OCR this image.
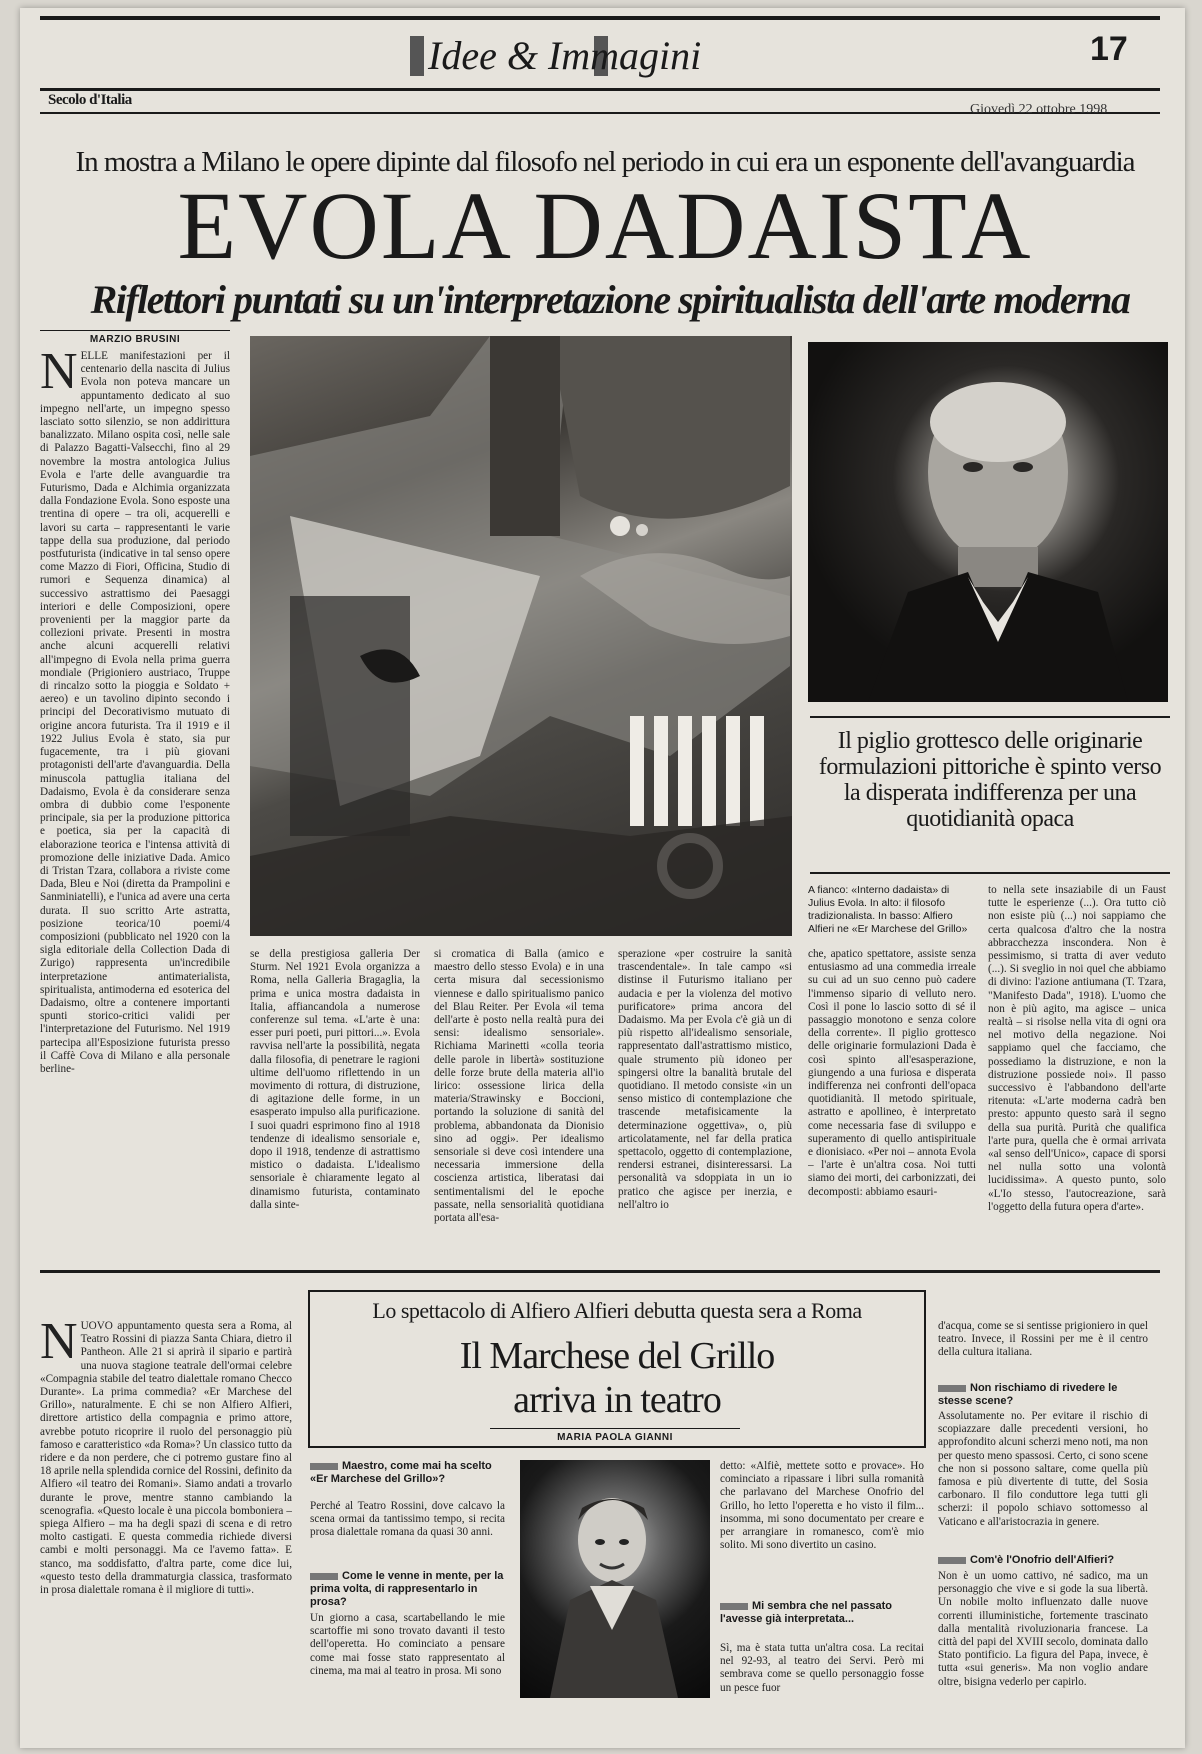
Idee & Immagini	17
Secolo d'Italia
Giovedì 22 ottobre 1998
In mostra a Milano le opere dipinte dal filosofo nel periodo in cui era un esponente dell'avanguardia
EVOLA DADAISTA
Riflettori puntati su un'interpretazione spiritualista dell'arte moderna
MARZIO BRUSINI
NELLE manifestazioni per il centenario della nascita di Julius Evola non poteva mancare un appuntamento dedicato al suo impegno nell'arte, un impegno spesso lasciato sotto silenzio, se non addirittura banalizzato. Milano ospita così, nelle sale di Palazzo Bagatti-Valsecchi, fino al 29 novembre la mostra antologica Julius Evola e l'arte delle avanguardie tra Futurismo, Dada e Alchimia organizzata dalla Fondazione Evola. Sono esposte una trentina di opere – tra oli, acquerelli e lavori su carta – rappresentanti le varie tappe della sua produzione, dal periodo postfuturista (indicative in tal senso opere come Mazzo di Fiori, Officina, Studio di rumori e Sequenza dinamica) al successivo astrattismo dei Paesaggi interiori e delle Composizioni, opere provenienti per la maggior parte da collezioni private. Presenti in mostra anche alcuni acquerelli relativi all'impegno di Evola nella prima guerra mondiale (Prigioniero austriaco, Truppe di rincalzo sotto la pioggia e Soldato + aereo) e un tavolino dipinto secondo i principi del Decorativismo mutuato di origine ancora futurista. Tra il 1919 e il 1922 Julius Evola è stato, sia pur fugacemente, tra i più giovani protagonisti dell'arte d'avanguardia. Della minuscola pattuglia italiana del Dadaismo, Evola è da considerare senza ombra di dubbio come l'esponente principale, sia per la produzione pittorica e poetica, sia per la capacità di elaborazione teorica e l'intensa attività di promozione delle iniziative Dada. Amico di Tristan Tzara, collabora a riviste come Dada, Bleu e Noi (diretta da Prampolini e Sanminiatelli), e l'unica ad avere una certa durata. Il suo scritto Arte astratta, posizione teorica/10 poemi/4 composizioni (pubblicato nel 1920 con la sigla editoriale della Collection Dada di Zurigo) rappresenta un'incredibile interpretazione antimaterialista, spiritualista, antimoderna ed esoterica del Dadaismo, oltre a contenere importanti spunti storico-critici validi per l'interpretazione del Futurismo. Nel 1919 partecipa all'Esposizione futurista presso il Caffè Cova di Milano e alla personale berline-
Il piglio grottesco delle originarie formulazioni pittoriche è spinto verso la disperata indifferenza per una quotidianità opaca
A fianco: «Interno dadaista» di Julius Evola. In alto: il filosofo tradizionalista. In basso: Alfiero Alfieri ne «Er Marchese del Grillo»
se della prestigiosa galleria Der Sturm. Nel 1921 Evola organizza a Roma, nella Galleria Bragaglia, la prima e unica mostra dadaista in Italia, affiancandola a numerose conferenze sul tema. «L'arte è una: esser puri poeti, puri pittori...». Evola ravvisa nell'arte la possibilità, negata dalla filosofia, di penetrare le ragioni ultime dell'uomo riflettendo in un movimento di rottura, di distruzione, di agitazione delle forme, in un esasperato impulso alla purificazione. I suoi quadri esprimono fino al 1918 tendenze di idealismo sensoriale e, dopo il 1918, tendenze di astrattismo mistico o dadaista. L'idealismo sensoriale è chiaramente legato al dinamismo futurista, contaminato dalla sinte-
si cromatica di Balla (amico e maestro dello stesso Evola) e in una certa misura dal secessionismo viennese e dallo spiritualismo panico del Blau Reiter. Per Evola «il tema dell'arte è posto nella realtà pura dei sensi: idealismo sensoriale». Richiama Marinetti «colla teoria delle parole in libertà» sostituzione delle forze brute della materia all'io lirico: ossessione lirica della materia/Strawinsky e Boccioni, portando la soluzione di sanità del problema, abbandonata da Dionisio sino ad oggi». Per idealismo sensoriale si deve così intendere una necessaria immersione della coscienza artistica, liberatasi dai sentimentalismi del le epoche passate, nella sensorialità quotidiana portata all'esa-
sperazione «per costruire la sanità trascendentale». In tale campo «si distinse il Futurismo italiano per audacia e per la violenza del motivo purificatore» prima ancora del Dadaismo. Ma per Evola c'è già un di più rispetto all'idealismo sensoriale, rappresentato dall'astrattismo mistico, quale strumento più idoneo per spingersi oltre la banalità brutale del quotidiano. Il metodo consiste «in un senso mistico di contemplazione che trascende metafisicamente la determinazione oggettiva», o, più articolatamente, nel far della pratica spettacolo, oggetto di contemplazione, rendersi estranei, disinteressarsi. La personalità va sdoppiata in un io pratico che agisce per inerzia, e nell'altro io
che, apatico spettatore, assiste senza entusiasmo ad una commedia irreale su cui ad un suo cenno può cadere l'immenso sipario di velluto nero. Così il pone lo lascio sotto di sé il passaggio monotono e senza colore della corrente». Il piglio grottesco delle originarie formulazioni Dada è così spinto all'esasperazione, giungendo a una furiosa e disperata indifferenza nei confronti dell'opaca quotidianità. Il metodo spirituale, astratto e apollineo, è interpretato come necessaria fase di sviluppo e superamento di quello antispirituale e dionisiaco. «Per noi – annota Evola – l'arte è un'altra cosa. Noi tutti siamo dei morti, dei carbonizzati, dei decomposti: abbiamo esauri-
to nella sete insaziabile di un Faust tutte le esperienze (...). Ora tutto ciò non esiste più (...) noi sappiamo che certa qualcosa d'altro che la nostra abbracchezza inscondera. Non è pessimismo, si tratta di aver veduto (...). Si sveglio in noi quel che abbiamo di divino: l'azione antiumana (T. Tzara, "Manifesto Dada", 1918). L'uomo che non è più agito, ma agisce – unica realtà – si risolse nella vita di ogni ora nel motivo della negazione. Noi sappiamo quel che facciamo, che possediamo la distruzione, e non la distruzione possiede noi». Il passo successivo è l'abbandono dell'arte ritenuta: «L'arte moderna cadrà ben presto: appunto questo sarà il segno della sua purità. Purità che qualifica l'arte pura, quella che è ormai arrivata «al senso dell'Unico», capace di sporsi nel nulla sotto una volontà lucidissima». A questo punto, solo «L'Io stesso, l'autocreazione, sarà l'oggetto della futura opera d'arte».
Lo spettacolo di Alfiero Alfieri debutta questa sera a Roma
Il Marchese del Grillo
arriva in teatro
MARIA PAOLA GIANNI
NUOVO appuntamento questa sera a Roma, al Teatro Rossini di piazza Santa Chiara, dietro il Pantheon. Alle 21 si aprirà il sipario e partirà una nuova stagione teatrale dell'ormai celebre «Compagnia stabile del teatro dialettale romano Checco Durante». La prima commedia? «Er Marchese del Grillo», naturalmente. E chi se non Alfiero Alfieri, direttore artistico della compagnia e primo attore, avrebbe potuto ricoprire il ruolo del personaggio più famoso e caratteristico «da Roma»? Un classico tutto da ridere e da non perdere, che ci potremo gustare fino al 18 aprile nella splendida cornice del Rossini, definito da Alfiero «il teatro dei Romani». Siamo andati a trovarlo durante le prove, mentre stanno cambiando la scenografia. «Questo locale è una piccola bomboniera – spiega Alfiero – ma ha degli spazi di scena e di retro molto castigati. E questa commedia richiede diversi cambi e molti personaggi. Ma ce l'avemo fatta». E stanco, ma soddisfatto, d'altra parte, come dice lui, «questo testo della drammaturgia classica, trasformato in prosa dialettale romana è il migliore di tutti».
Maestro, come mai ha scelto «Er Marchese del Grillo»?
Perché al Teatro Rossini, dove calcavo la scena ormai da tantissimo tempo, si recita prosa dialettale romana da quasi 30 anni.
Come le venne in mente, per la prima volta, di rappresentarlo in prosa?
Un giorno a casa, scartabellando le mie scartoffie mi sono trovato davanti il testo dell'operetta. Ho cominciato a pensare come mai fosse stato rappresentato al cinema, ma mai al teatro in prosa. Mi sono
detto: «Alfiè, mettete sotto e provace». Ho cominciato a ripassare i libri sulla romanità che parlavano del Marchese Onofrio del Grillo, ho letto l'operetta e ho visto il film... insomma, mi sono documentato per creare e per arrangiare in romanesco, com'è mio solito. Mi sono divertito un casino.
Mi sembra che nel passato l'avesse già interpretata...
Sì, ma è stata tutta un'altra cosa. La recitai nel 92-93, al teatro dei Servi. Però mi sembrava come se quello personaggio fosse un pesce fuor
d'acqua, come se si sentisse prigioniero in quel teatro. Invece, il Rossini per me è il centro della cultura italiana.
Non rischiamo di rivedere le stesse scene?
Assolutamente no. Per evitare il rischio di scopiazzare dalle precedenti versioni, ho approfondito alcuni scherzi meno noti, ma non per questo meno spassosi. Certo, ci sono scene che non si possono saltare, come quella più famosa e più divertente di tutte, del Sosia carbonaro. Il filo conduttore lega tutti gli scherzi: il popolo schiavo sottomesso al Vaticano e all'aristocrazia in genere.
Com'è l'Onofrio dell'Alfieri?
Non è un uomo cattivo, né sadico, ma un personaggio che vive e si gode la sua libertà. Un nobile molto influenzato dalle nuove correnti illuministiche, fortemente trascinato dalla mentalità rivoluzionaria francese. La città del papi del XVIII secolo, dominata dallo Stato pontificio. La figura del Papa, invece, è tutta «sui generis». Ma non voglio andare oltre, bisigna vederlo per capirlo.
